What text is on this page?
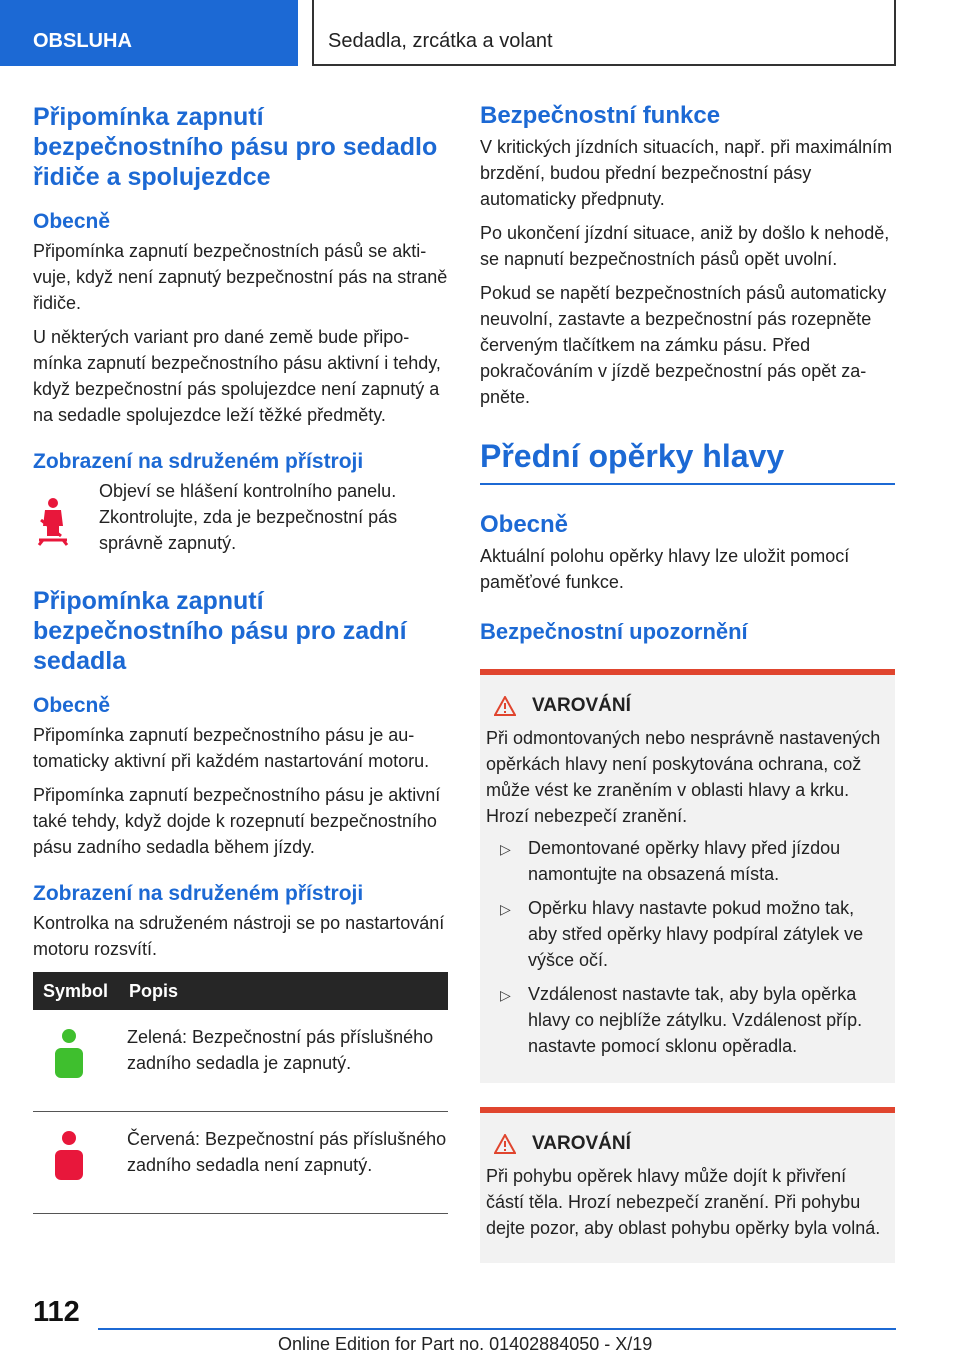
OBSLUHA	Sedadla, zrcátka a volant
Připomínka zapnutí bezpečnostního pásu pro sedadlo řidiče a spolujezdce
Obecně

Připomínka zapnutí bezpečnostních pásů se aktivuje, když není zapnutý bezpečnostní pás na straně řidiče.

U některých variant pro dané země bude připomínka zapnutí bezpečnostního pásu aktivní i tehdy, když bezpečnostní pás spolujezdce není zapnutý a na sedadle spolujezdce leží těžké předměty.

Zobrazení na sdruženém přístroji

Objeví se hlášení kontrolního panelu. Zkontrolujte, zda je bezpečnostní pás správně zapnutý.

Připomínka zapnutí bezpečnostního pásu pro zadní sedadla
Obecně

Připomínka zapnutí bezpečnostního pásu je automaticky aktivní při každém nastartování motoru.

Připomínka zapnutí bezpečnostního pásu je aktivní také tehdy, když dojde k rozepnutí bezpečnostního pásu zadního sedadla během jízdy.

Zobrazení na sdruženém přístroji

Kontrolka na sdruženém nástroji se po nastartování motoru rozsvítí.

Symbol	Popis
	Zelená: Bezpečnostní pás příslušného zadního sedadla je zapnutý.
	Červená: Bezpečnostní pás příslušného zadního sedadla není zapnutý.
Bezpečnostní funkce

V kritických jízdních situacích, např. při maximálním brzdění, budou přední bezpečnostní pásy automaticky předpnuty.

Po ukončení jízdní situace, aniž by došlo k nehodě, se napnutí bezpečnostních pásů opět uvolní.

Pokud se napětí bezpečnostních pásů automaticky neuvolní, zastavte a bezpečnostní pás rozepněte červeným tlačítkem na zámku pásu. Před pokračováním v jízdě bezpečnostní pás opět zapněte.

Přední opěrky hlavy
Obecně

Aktuální polohu opěrky hlavy lze uložit pomocí paměťové funkce.

Bezpečnostní upozornění
VAROVÁNÍ

Při odmontovaných nebo nesprávně nastavených opěrkách hlavy není poskytována ochrana, což může vést ke zraněním v oblasti hlavy a krku. Hrozí nebezpečí zranění.

▷ Demontované opěrky hlavy před jízdou namontujte na obsazená místa.
▷ Opěrku hlavy nastavte pokud možno tak, aby střed opěrky hlavy podpíral zátylek ve výšce očí.
▷ Vzdálenost nastavte tak, aby byla opěrka hlavy co nejblíže zátylku. Vzdálenost příp. nastavte pomocí sklonu opěradla.
VAROVÁNÍ

Při pohybu opěrek hlavy může dojít k přivření částí těla. Hrozí nebezpečí zranění. Při pohybu dejte pozor, aby oblast pohybu opěrky byla volná.

112
Online Edition for Part no. 01402884050 - X/19
